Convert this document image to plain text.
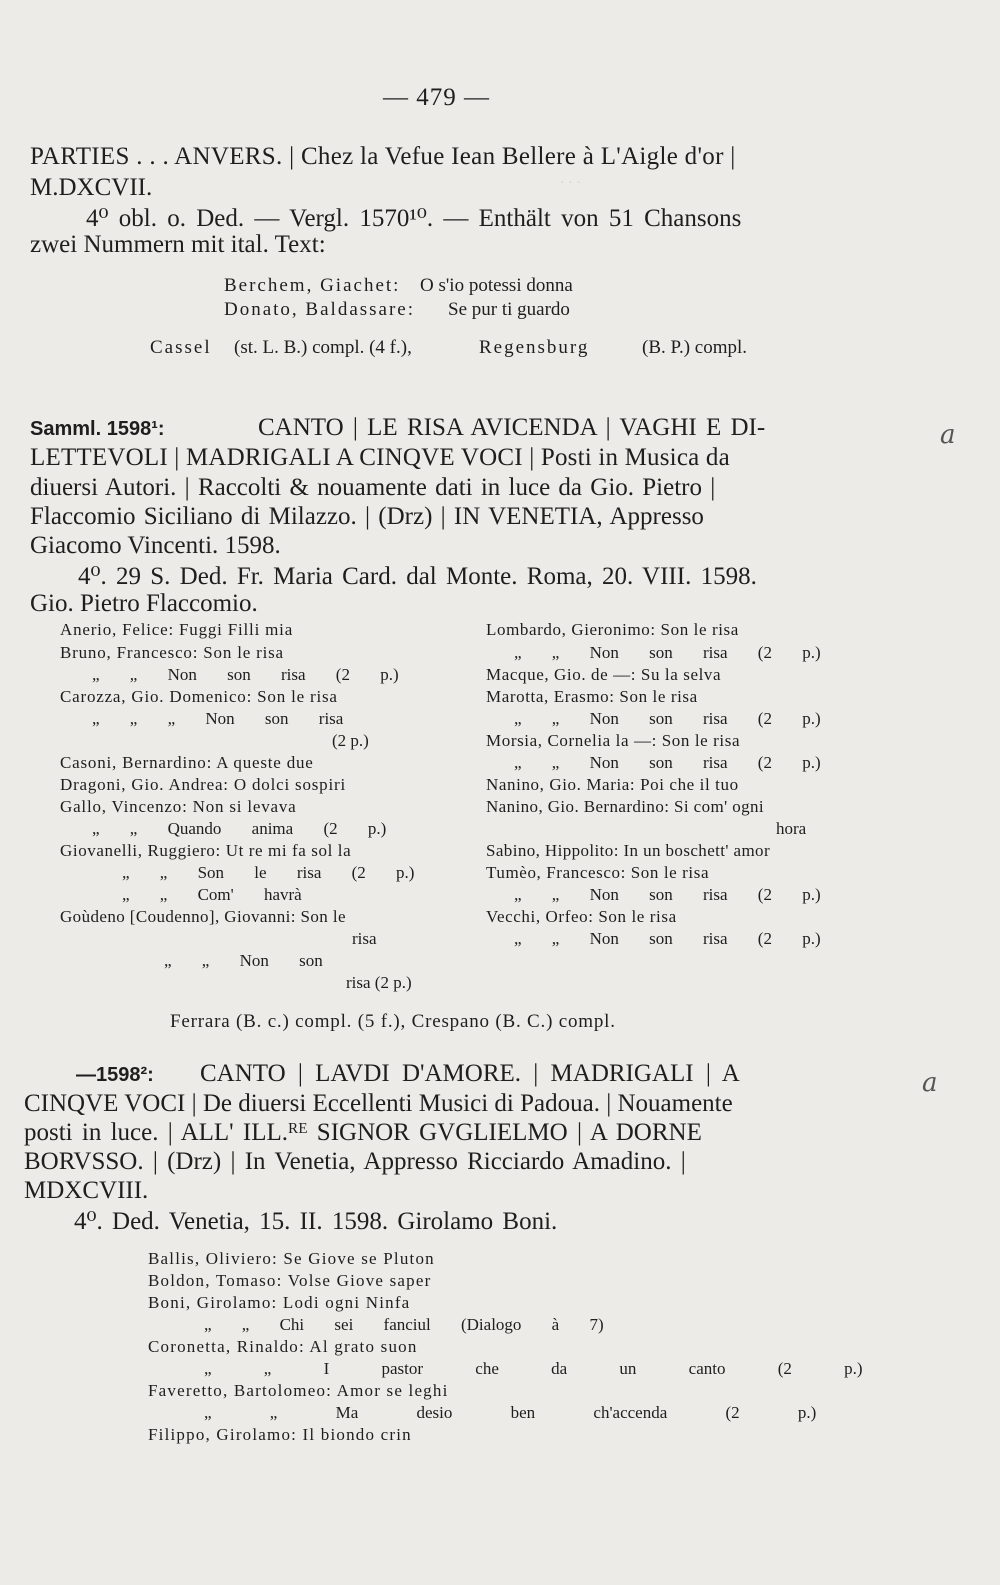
· · ·
— 479 —
PARTIES . . . ANVERS. | Chez la Vefue Iean Bellere à L'Aigle d'or |
M.DXCVII.
4⁰ obl. o. Ded. — Vergl. 1570¹⁰. — Enthält von 51 Chansons
zwei Nummern mit ital. Text:
Berchem, Giachet: O s'io potessi donna
Donato, Baldassare: Se pur ti guardo
Cassel (st. L. B.) compl. (4 f.),	Regensburg	(B. P.) compl.
Samml. 1598¹:	CANTO | LE RISA AVICENDA | VAGHI E DI-
LETTEVOLI | MADRIGALI A CINQVE VOCI | Posti in Musica da
diuersi Autori. | Raccolti & nouamente dati in luce da Gio. Pietro |
Flaccomio Siciliano di Milazzo. | (Drz) | IN VENETIA, Appresso
Giacomo Vincenti. 1598.
4⁰. 29 S. Ded. Fr. Maria Card. dal Monte. Roma, 20. VIII. 1598.
Gio. Pietro Flaccomio.
a
Anerio, Felice: Fuggi Filli mia
Bruno, Francesco: Son le risa
„ „ Non son risa (2 p.)
Carozza, Gio. Domenico: Son le risa
„ „ „ Non son risa
(2 p.)
Casoni, Bernardino: A queste due
Dragoni, Gio. Andrea: O dolci sospiri
Gallo, Vincenzo: Non si levava
„ „ Quando anima (2 p.)
Giovanelli, Ruggiero: Ut re mi fa sol la
„ „ Son le risa (2 p.)
„ „ Com' havrà
Goùdeno [Coudenno], Giovanni: Son le
risa
„ „ Non son
risa (2 p.)
Lombardo, Gieronimo: Son le risa
„ „ Non son risa (2 p.)
Macque, Gio. de —: Su la selva
Marotta, Erasmo: Son le risa
„ „ Non son risa (2 p.)
Morsia, Cornelia la —: Son le risa
„ „ Non son risa (2 p.)
Nanino, Gio. Maria: Poi che il tuo
Nanino, Gio. Bernardino: Si com' ogni
hora
Sabino, Hippolito: In un boschett' amor
Tumèo, Francesco: Son le risa
„ „ Non son risa (2 p.)
Vecchi, Orfeo: Son le risa
„ „ Non son risa (2 p.)
Ferrara (B. c.) compl. (5 f.), Crespano (B. C.) compl.
—1598²: CANTO | LAVDI D'AMORE. | MADRIGALI | A
CINQVE VOCI | De diuersi Eccellenti Musici di Padoua. | Nouamente
posti in luce. | ALL' ILL.ᴿᴱ SIGNOR GVGLIELMO | A DORNE
BORVSSO. | (Drz) | In Venetia, Appresso Ricciardo Amadino. |
MDXCVIII.
4⁰. Ded. Venetia, 15. II. 1598. Girolamo Boni.
a
Ballis, Oliviero: Se Giove se Pluton
Boldon, Tomaso: Volse Giove saper
Boni, Girolamo: Lodi ogni Ninfa
„ „ Chi sei fanciul (Dialogo à 7)
Coronetta, Rinaldo: Al grato suon
„ „ I pastor che da un canto (2 p.)
Faveretto, Bartolomeo: Amor se leghi
„ „ Ma desio ben ch'accenda (2 p.)
Filippo, Girolamo: Il biondo crin
